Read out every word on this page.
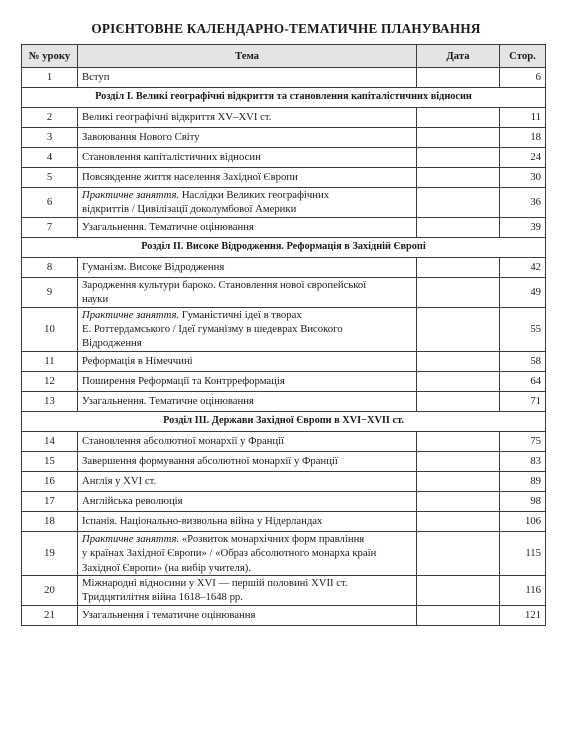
ОРІЄНТОВНЕ КАЛЕНДАРНО-ТЕМАТИЧНЕ ПЛАНУВАННЯ
№ уроку	Тема	Дата	Стор.
1	Вступ		6
Розділ І. Великі географічні відкриття та становлення капіталістичних відносин			
2	Великі географічні відкриття XV–XVI ст.		11
3	Завоювання Нового Світу		18
4	Становлення капіталістичних відносин		24
5	Повсякденне життя населення Західної Європи		30
6	Практичне заняття. Наслідки Великих географічних
відкриттів / Цивілізації доколумбової Америки		36
7	Узагальнення. Тематичне оцінювання		39
Розділ ІІ. Високе Відродження. Реформація в Західній Європі			
8	Гуманізм. Високе Відродження		42
9	Зародження культури бароко. Становлення нової європейської
науки		49
10	Практичне заняття. Гуманістичні ідеї в творах
Е. Роттердамського / Ідеї гуманізму в шедеврах Високого
Відродження		55
11	Реформація в Німеччині		58
12	Поширення Реформації та Контрреформація		64
13	Узагальнення. Тематичне оцінювання		71
Розділ ІІІ. Держави Західної Європи в XVI−XVII ст.			
14	Становлення абсолютної монархії у Франції		75
15	Завершення формування абсолютної монархії у Франції		83
16	Англія у XVI ст.		89
17	Англійська революція		98
18	Іспанія. Національно-визвольна війна у Нідерландах		106
19	Практичне заняття. «Розвиток монархічних форм правління
у країнах Західної Європи» / «Образ абсолютного монарха країн
Західної Європи» (на вибір учителя).		115
20	Міжнародні відносини у XVI — першій половині XVII ст.
Тридцятилітня війна 1618–1648 рр.		116
21	Узагальнення і тематичне оцінювання		121
